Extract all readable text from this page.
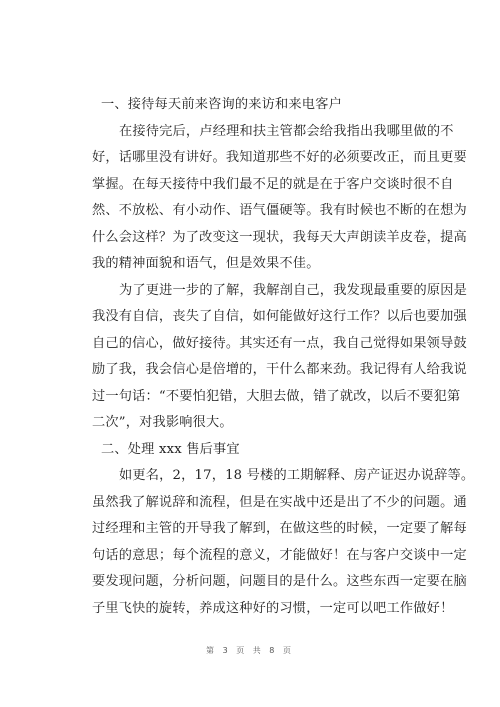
一、接待每天前来咨询的来访和来电客户
在接待完后，卢经理和扶主管都会给我指出我哪里做的不
好，话哪里没有讲好。我知道那些不好的必须要改正，而且更要
掌握。在每天接待中我们最不足的就是在于客户交谈时很不自
然、不放松、有小动作、语气僵硬等。我有时候也不断的在想为
什么会这样？为了改变这一现状，我每天大声朗读羊皮卷，提高
我的精神面貌和语气，但是效果不佳。
为了更进一步的了解，我解剖自己，我发现最重要的原因是
我没有自信，丧失了自信，如何能做好这行工作？以后也要加强
自己的信心，做好接待。其实还有一点，我自己觉得如果领导鼓
励了我，我会信心是倍增的，干什么都来劲。我记得有人给我说
过一句话：“不要怕犯错，大胆去做，错了就改，以后不要犯第
二次”，对我影响很大。
二、处理 xxx 售后事宜
如更名，2，17，18 号楼的工期解释、房产证迟办说辞等。
虽然我了解说辞和流程，但是在实战中还是出了不少的问题。通
过经理和主管的开导我了解到，在做这些的时候，一定要了解每
句话的意思；每个流程的意义，才能做好！在与客户交谈中一定
要发现问题，分析问题，问题目的是什么。这些东西一定要在脑
子里飞快的旋转，养成这种好的习惯，一定可以吧工作做好！
第 3 页 共 8 页
